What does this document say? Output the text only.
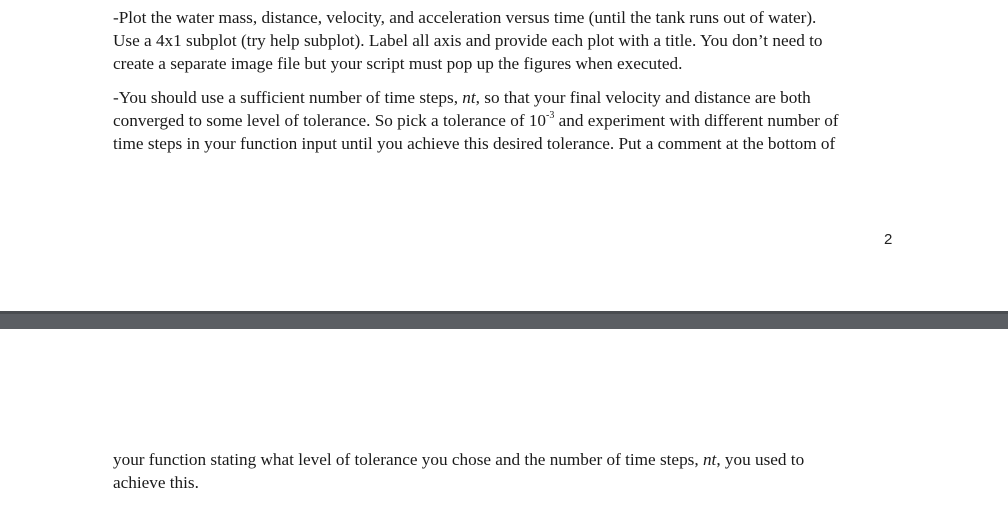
-Plot the water mass, distance, velocity, and acceleration versus time (until the tank runs out of water).
Use a 4x1 subplot (try help subplot). Label all axis and provide each plot with a title. You don’t need to
create a separate image file but your script must pop up the figures when executed.

-You should use a sufficient number of time steps, nt, so that your final velocity and distance are both
converged to some level of tolerance. So pick a tolerance of $10^{-3}$ and experiment with different number of
time steps in your function input until you achieve this desired tolerance. Put a comment at the bottom of

2

your function stating what level of tolerance you chose and the number of time steps, nt, you used to
achieve this.
